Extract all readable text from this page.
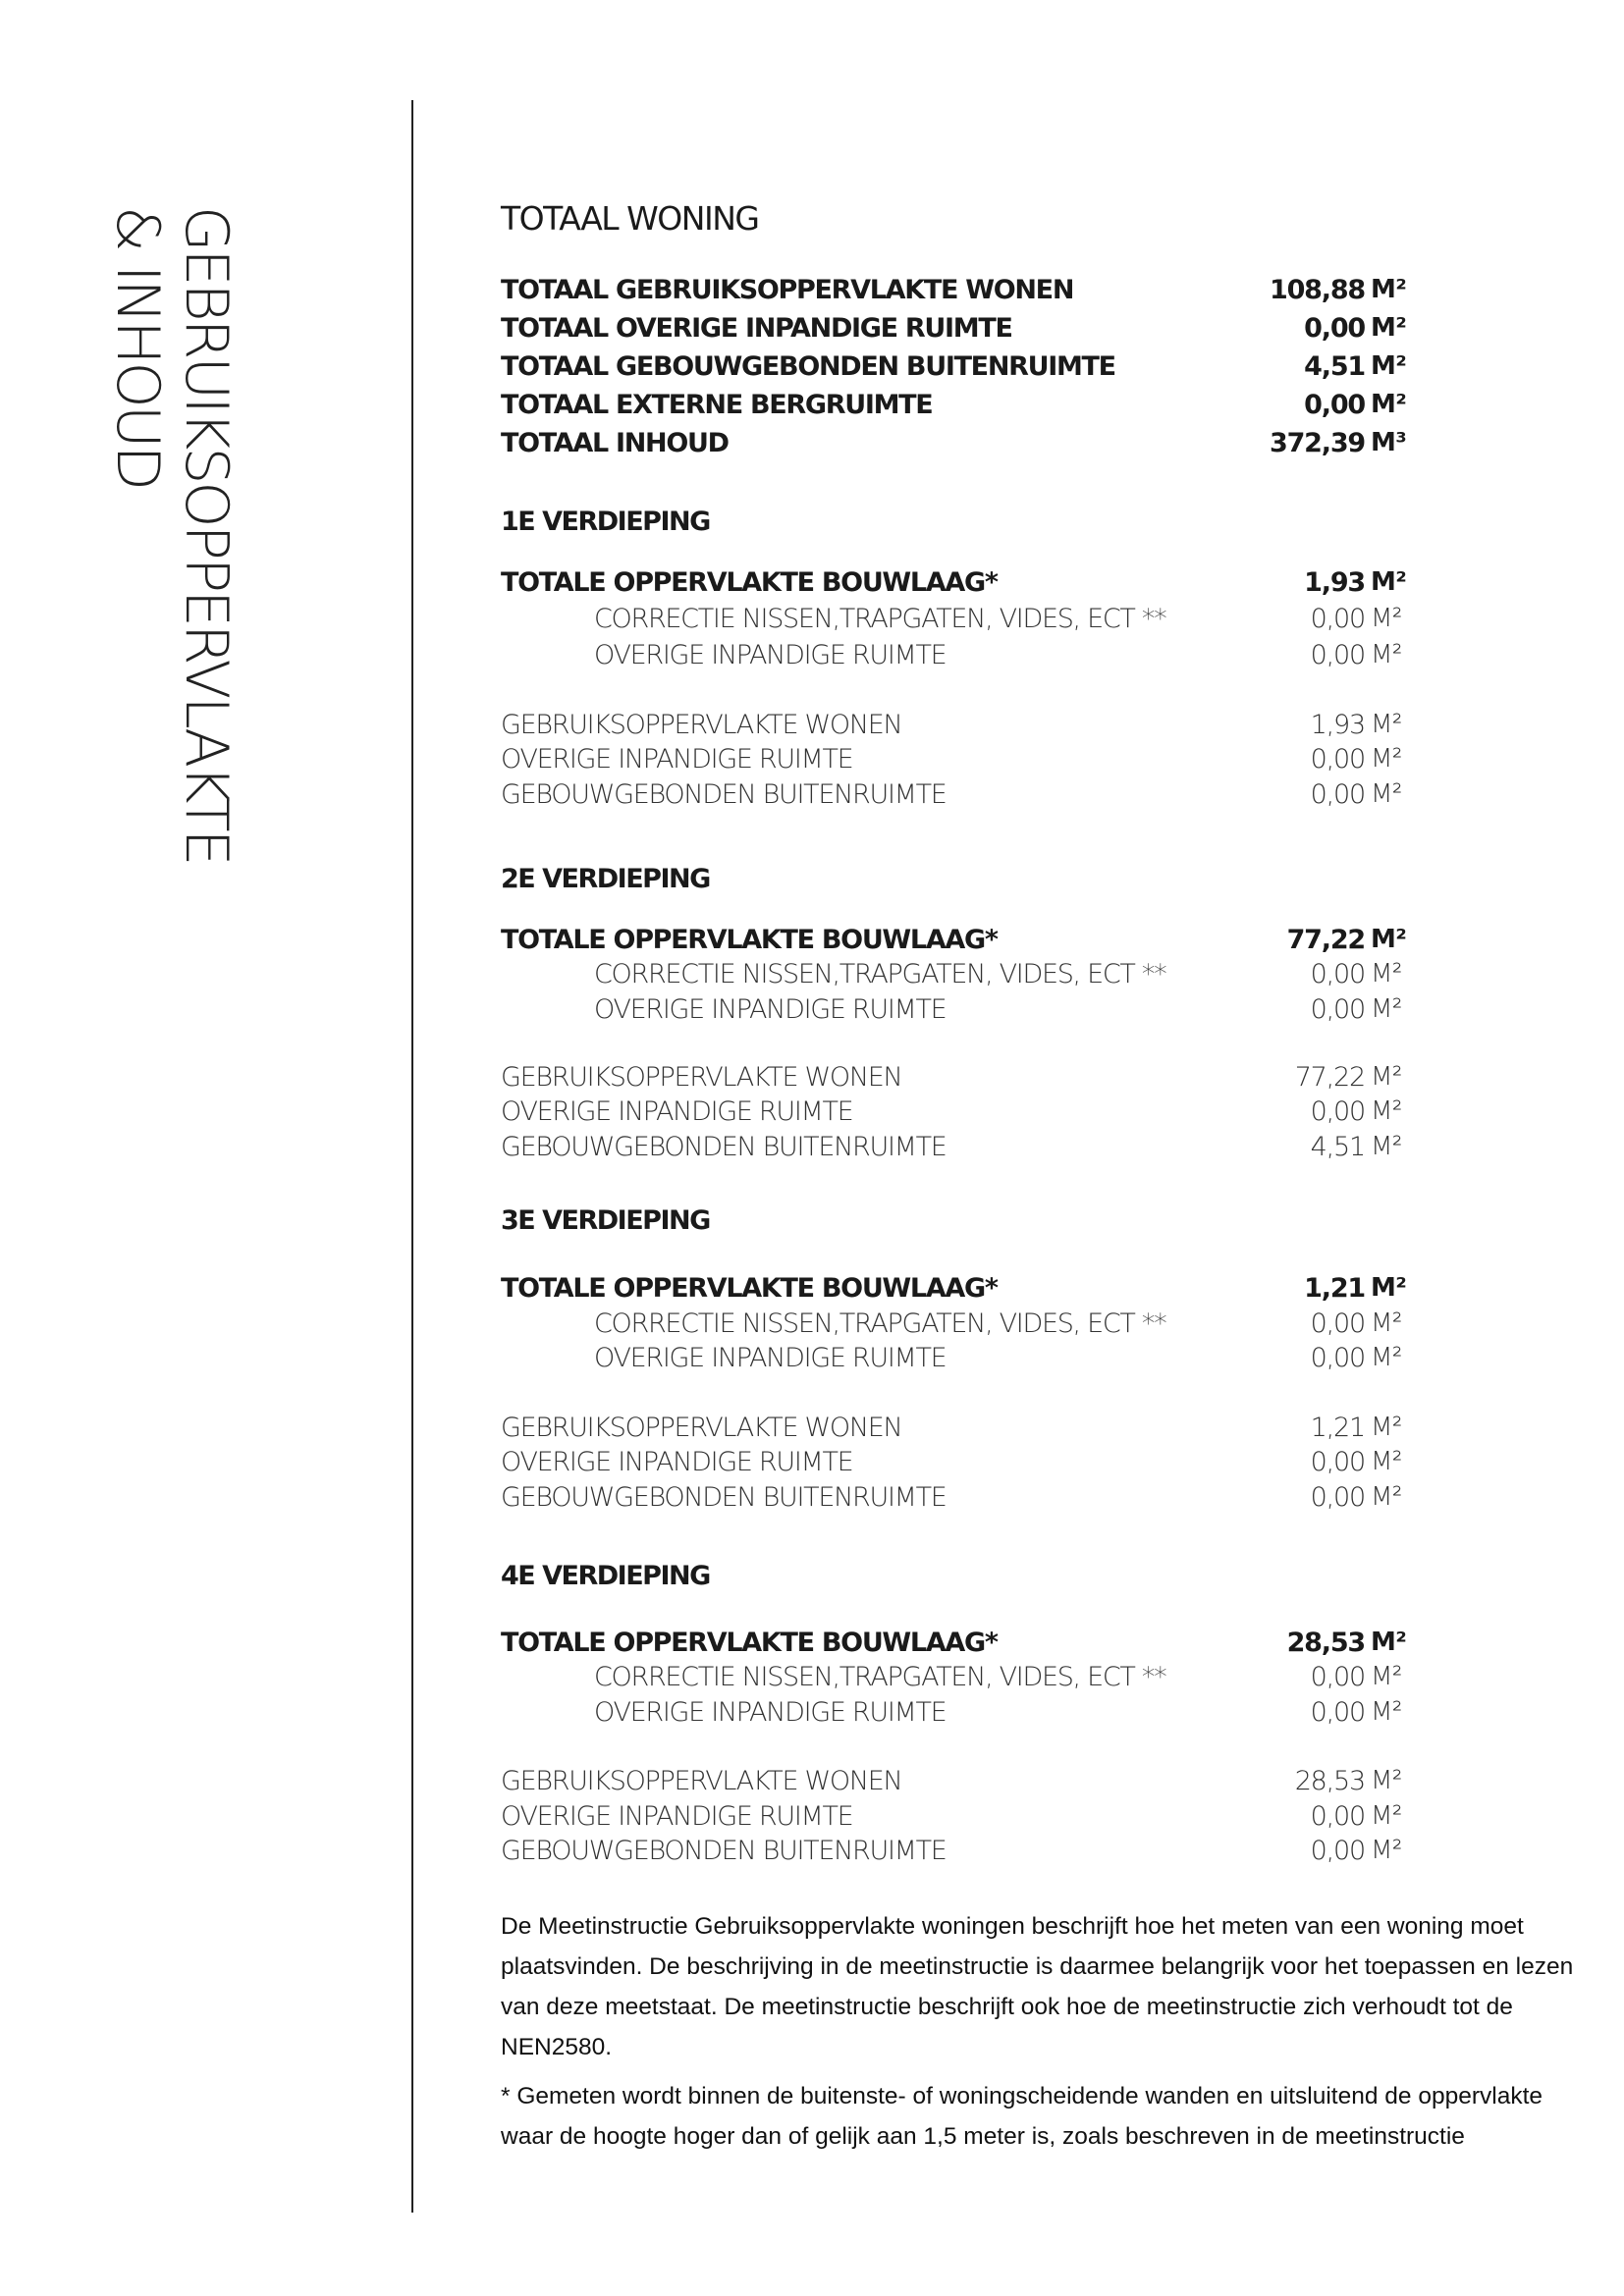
GEBRUIKSOPPERVLAKTE
& INHOUD	TOTAAL WONING
TOTAAL GEBRUIKSOPPERVLAKTE WONEN	108,88 M²
TOTAAL OVERIGE INPANDIGE RUIMTE	0,00 M²
TOTAAL GEBOUWGEBONDEN BUITENRUIMTE	4,51 M²
TOTAAL EXTERNE BERGRUIMTE	0,00 M²
TOTAAL INHOUD	372,39 M³
1E VERDIEPING
TOTALE OPPERVLAKTE BOUWLAAG*	1,93 M²
CORRECTIE NISSEN,TRAPGATEN, VIDES, ECT **	0,00 M²
OVERIGE INPANDIGE RUIMTE	0,00 M²
GEBRUIKSOPPERVLAKTE WONEN	1,93 M²
OVERIGE INPANDIGE RUIMTE	0,00 M²
GEBOUWGEBONDEN BUITENRUIMTE	0,00 M²
2E VERDIEPING
TOTALE OPPERVLAKTE BOUWLAAG*	77,22 M²
CORRECTIE NISSEN,TRAPGATEN, VIDES, ECT **	0,00 M²
OVERIGE INPANDIGE RUIMTE	0,00 M²
GEBRUIKSOPPERVLAKTE WONEN	77,22 M²
OVERIGE INPANDIGE RUIMTE	0,00 M²
GEBOUWGEBONDEN BUITENRUIMTE	4,51 M²
3E VERDIEPING
TOTALE OPPERVLAKTE BOUWLAAG*	1,21 M²
CORRECTIE NISSEN,TRAPGATEN, VIDES, ECT **	0,00 M²
OVERIGE INPANDIGE RUIMTE	0,00 M²
GEBRUIKSOPPERVLAKTE WONEN	1,21 M²
OVERIGE INPANDIGE RUIMTE	0,00 M²
GEBOUWGEBONDEN BUITENRUIMTE	0,00 M²
4E VERDIEPING
TOTALE OPPERVLAKTE BOUWLAAG*	28,53 M²
CORRECTIE NISSEN,TRAPGATEN, VIDES, ECT **	0,00 M²
OVERIGE INPANDIGE RUIMTE	0,00 M²
GEBRUIKSOPPERVLAKTE WONEN	28,53 M²
OVERIGE INPANDIGE RUIMTE	0,00 M²
GEBOUWGEBONDEN BUITENRUIMTE	0,00 M²
De Meetinstructie Gebruiksoppervlakte woningen beschrijft hoe het meten van een woning moet plaatsvinden. De beschrijving in de meetinstructie is daarmee belangrijk voor het toepassen en lezen van deze meetstaat. De meetinstructie beschrijft ook hoe de meetinstructie zich verhoudt tot de NEN2580.
* Gemeten wordt binnen de buitenste- of woningscheidende wanden en uitsluitend de oppervlakte waar de hoogte hoger dan of gelijk aan 1,5 meter is, zoals beschreven in de meetinstructie
